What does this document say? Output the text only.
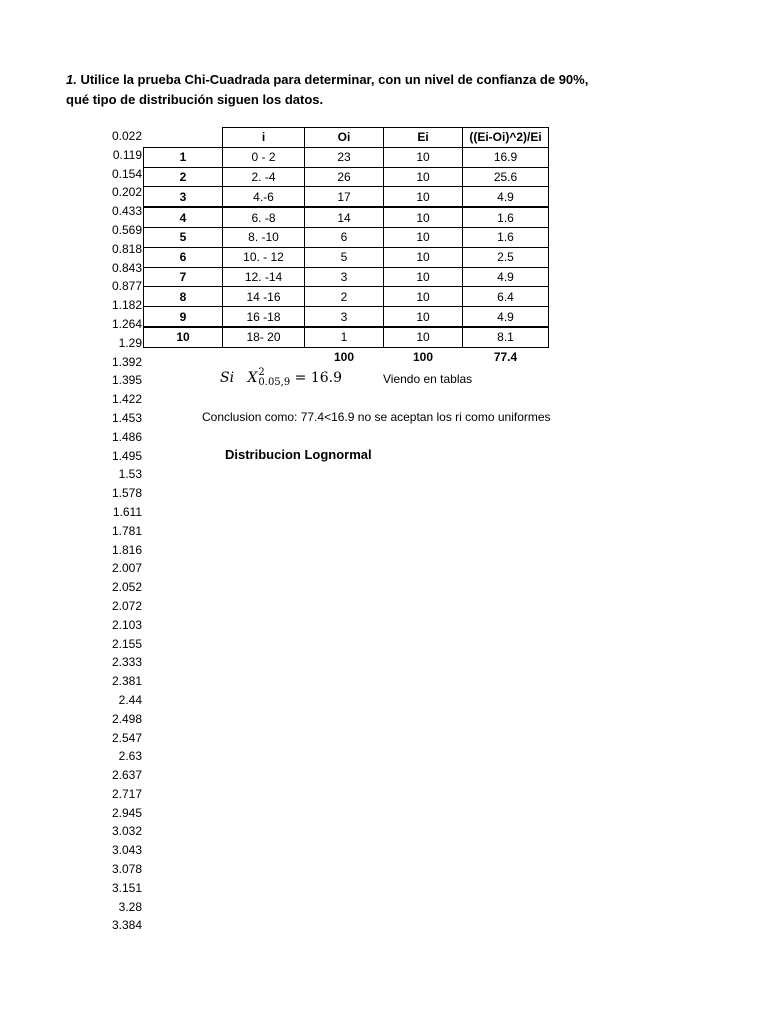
1. Utilice la prueba Chi-Cuadrada para determinar, con un nivel de confianza de 90%,
qué tipo de distribución siguen los datos.
0.022
0.119
0.154
0.202
0.433
0.569
0.818
0.843
0.877
1.182
1.264
1.29
1.392
1.395
1.422
1.453
1.486
1.495
1.53
1.578
1.611
1.781
1.816
2.007
2.052
2.072
2.103
2.155
2.333
2.381
2.44
2.498
2.547
2.63
2.637
2.717
2.945
3.032
3.043
3.078
3.151
3.28
3.384
	i	Oi	Ei	((Ei-Oi)^2)/Ei
1	0 - 2	23	10	16.9
2	2. -4	26	10	25.6
3	4.-6	17	10	4.9
4	6. -8	14	10	1.6
5	8. -10	6	10	1.6
6	10. - 12	5	10	2.5
7	12. -14	3	10	4.9
8	14 -16	2	10	6.4
9	16 -18	3	10	4.9
10	18- 20	1	10	8.1
		100	100	77.4
Si X 2
0.05,9 = 16.9	Viendo en tablas
Conclusion como: 77.4<16.9 no se aceptan los ri como uniformes
Distribucion Lognormal
